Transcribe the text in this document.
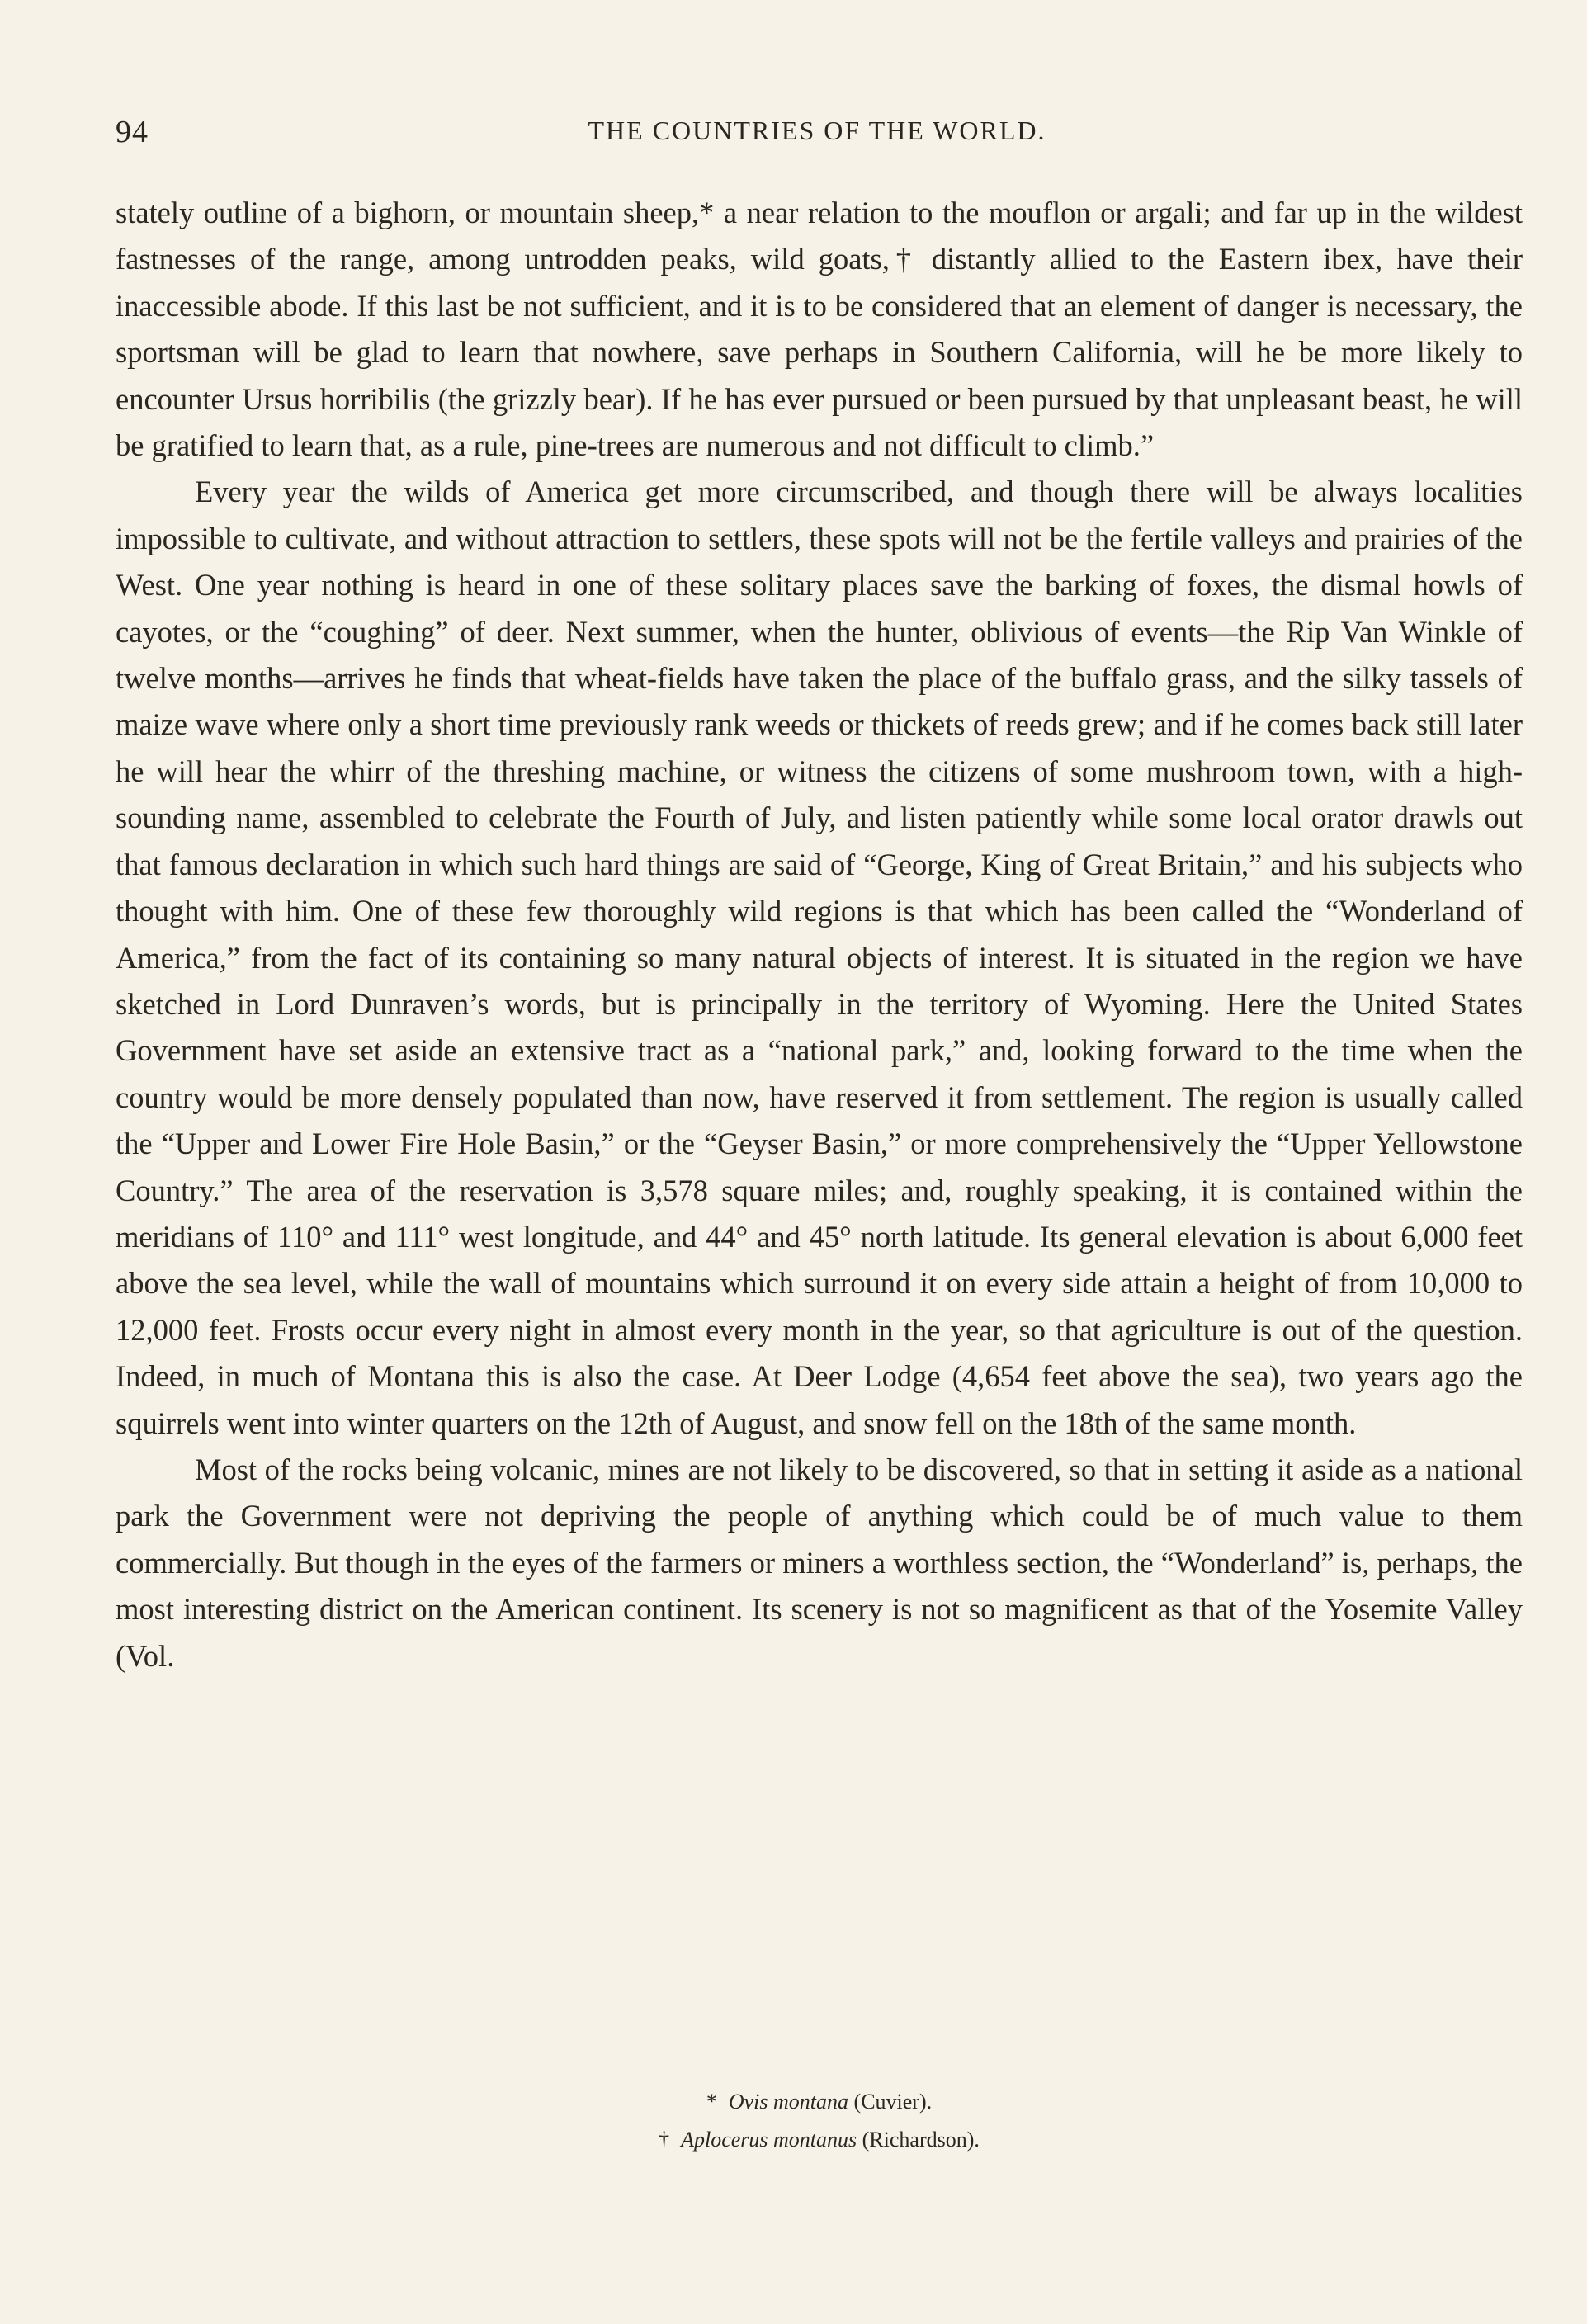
94	THE COUNTRIES OF THE WORLD.

stately outline of a bighorn, or mountain sheep,* a near relation to the mouflon or argali; and far up in the wildest fastnesses of the range, among untrodden peaks, wild goats,† distantly allied to the Eastern ibex, have their inaccessible abode. If this last be not sufficient, and it is to be considered that an element of danger is necessary, the sportsman will be glad to learn that nowhere, save perhaps in Southern California, will he be more likely to encounter Ursus horribilis (the grizzly bear). If he has ever pursued or been pursued by that unpleasant beast, he will be gratified to learn that, as a rule, pine-trees are numerous and not difficult to climb.”

Every year the wilds of America get more circumscribed, and though there will be always localities impossible to cultivate, and without attraction to settlers, these spots will not be the fertile valleys and prairies of the West. One year nothing is heard in one of these solitary places save the barking of foxes, the dismal howls of cayotes, or the “coughing” of deer. Next summer, when the hunter, oblivious of events—the Rip Van Winkle of twelve months—arrives he finds that wheat-fields have taken the place of the buffalo grass, and the silky tassels of maize wave where only a short time previously rank weeds or thickets of reeds grew; and if he comes back still later he will hear the whirr of the threshing machine, or witness the citizens of some mushroom town, with a high-sounding name, assembled to celebrate the Fourth of July, and listen patiently while some local orator drawls out that famous declaration in which such hard things are said of “George, King of Great Britain,” and his subjects who thought with him. One of these few thoroughly wild regions is that which has been called the “Wonderland of America,” from the fact of its containing so many natural objects of interest. It is situated in the region we have sketched in Lord Dunraven’s words, but is principally in the territory of Wyoming. Here the United States Government have set aside an extensive tract as a “national park,” and, looking forward to the time when the country would be more densely populated than now, have reserved it from settlement. The region is usually called the “Upper and Lower Fire Hole Basin,” or the “Geyser Basin,” or more comprehensively the “Upper Yellowstone Country.” The area of the reservation is 3,578 square miles; and, roughly speaking, it is contained within the meridians of 110° and 111° west longitude, and 44° and 45° north latitude. Its general elevation is about 6,000 feet above the sea level, while the wall of mountains which surround it on every side attain a height of from 10,000 to 12,000 feet. Frosts occur every night in almost every month in the year, so that agriculture is out of the question. Indeed, in much of Montana this is also the case. At Deer Lodge (4,654 feet above the sea), two years ago the squirrels went into winter quarters on the 12th of August, and snow fell on the 18th of the same month.

Most of the rocks being volcanic, mines are not likely to be discovered, so that in setting it aside as a national park the Government were not depriving the people of anything which could be of much value to them commercially. But though in the eyes of the farmers or miners a worthless section, the “Wonderland” is, perhaps, the most interesting district on the American continent. Its scenery is not so magnificent as that of the Yosemite Valley (Vol.

* Ovis montana (Cuvier).

† Aplocerus montanus (Richardson).
